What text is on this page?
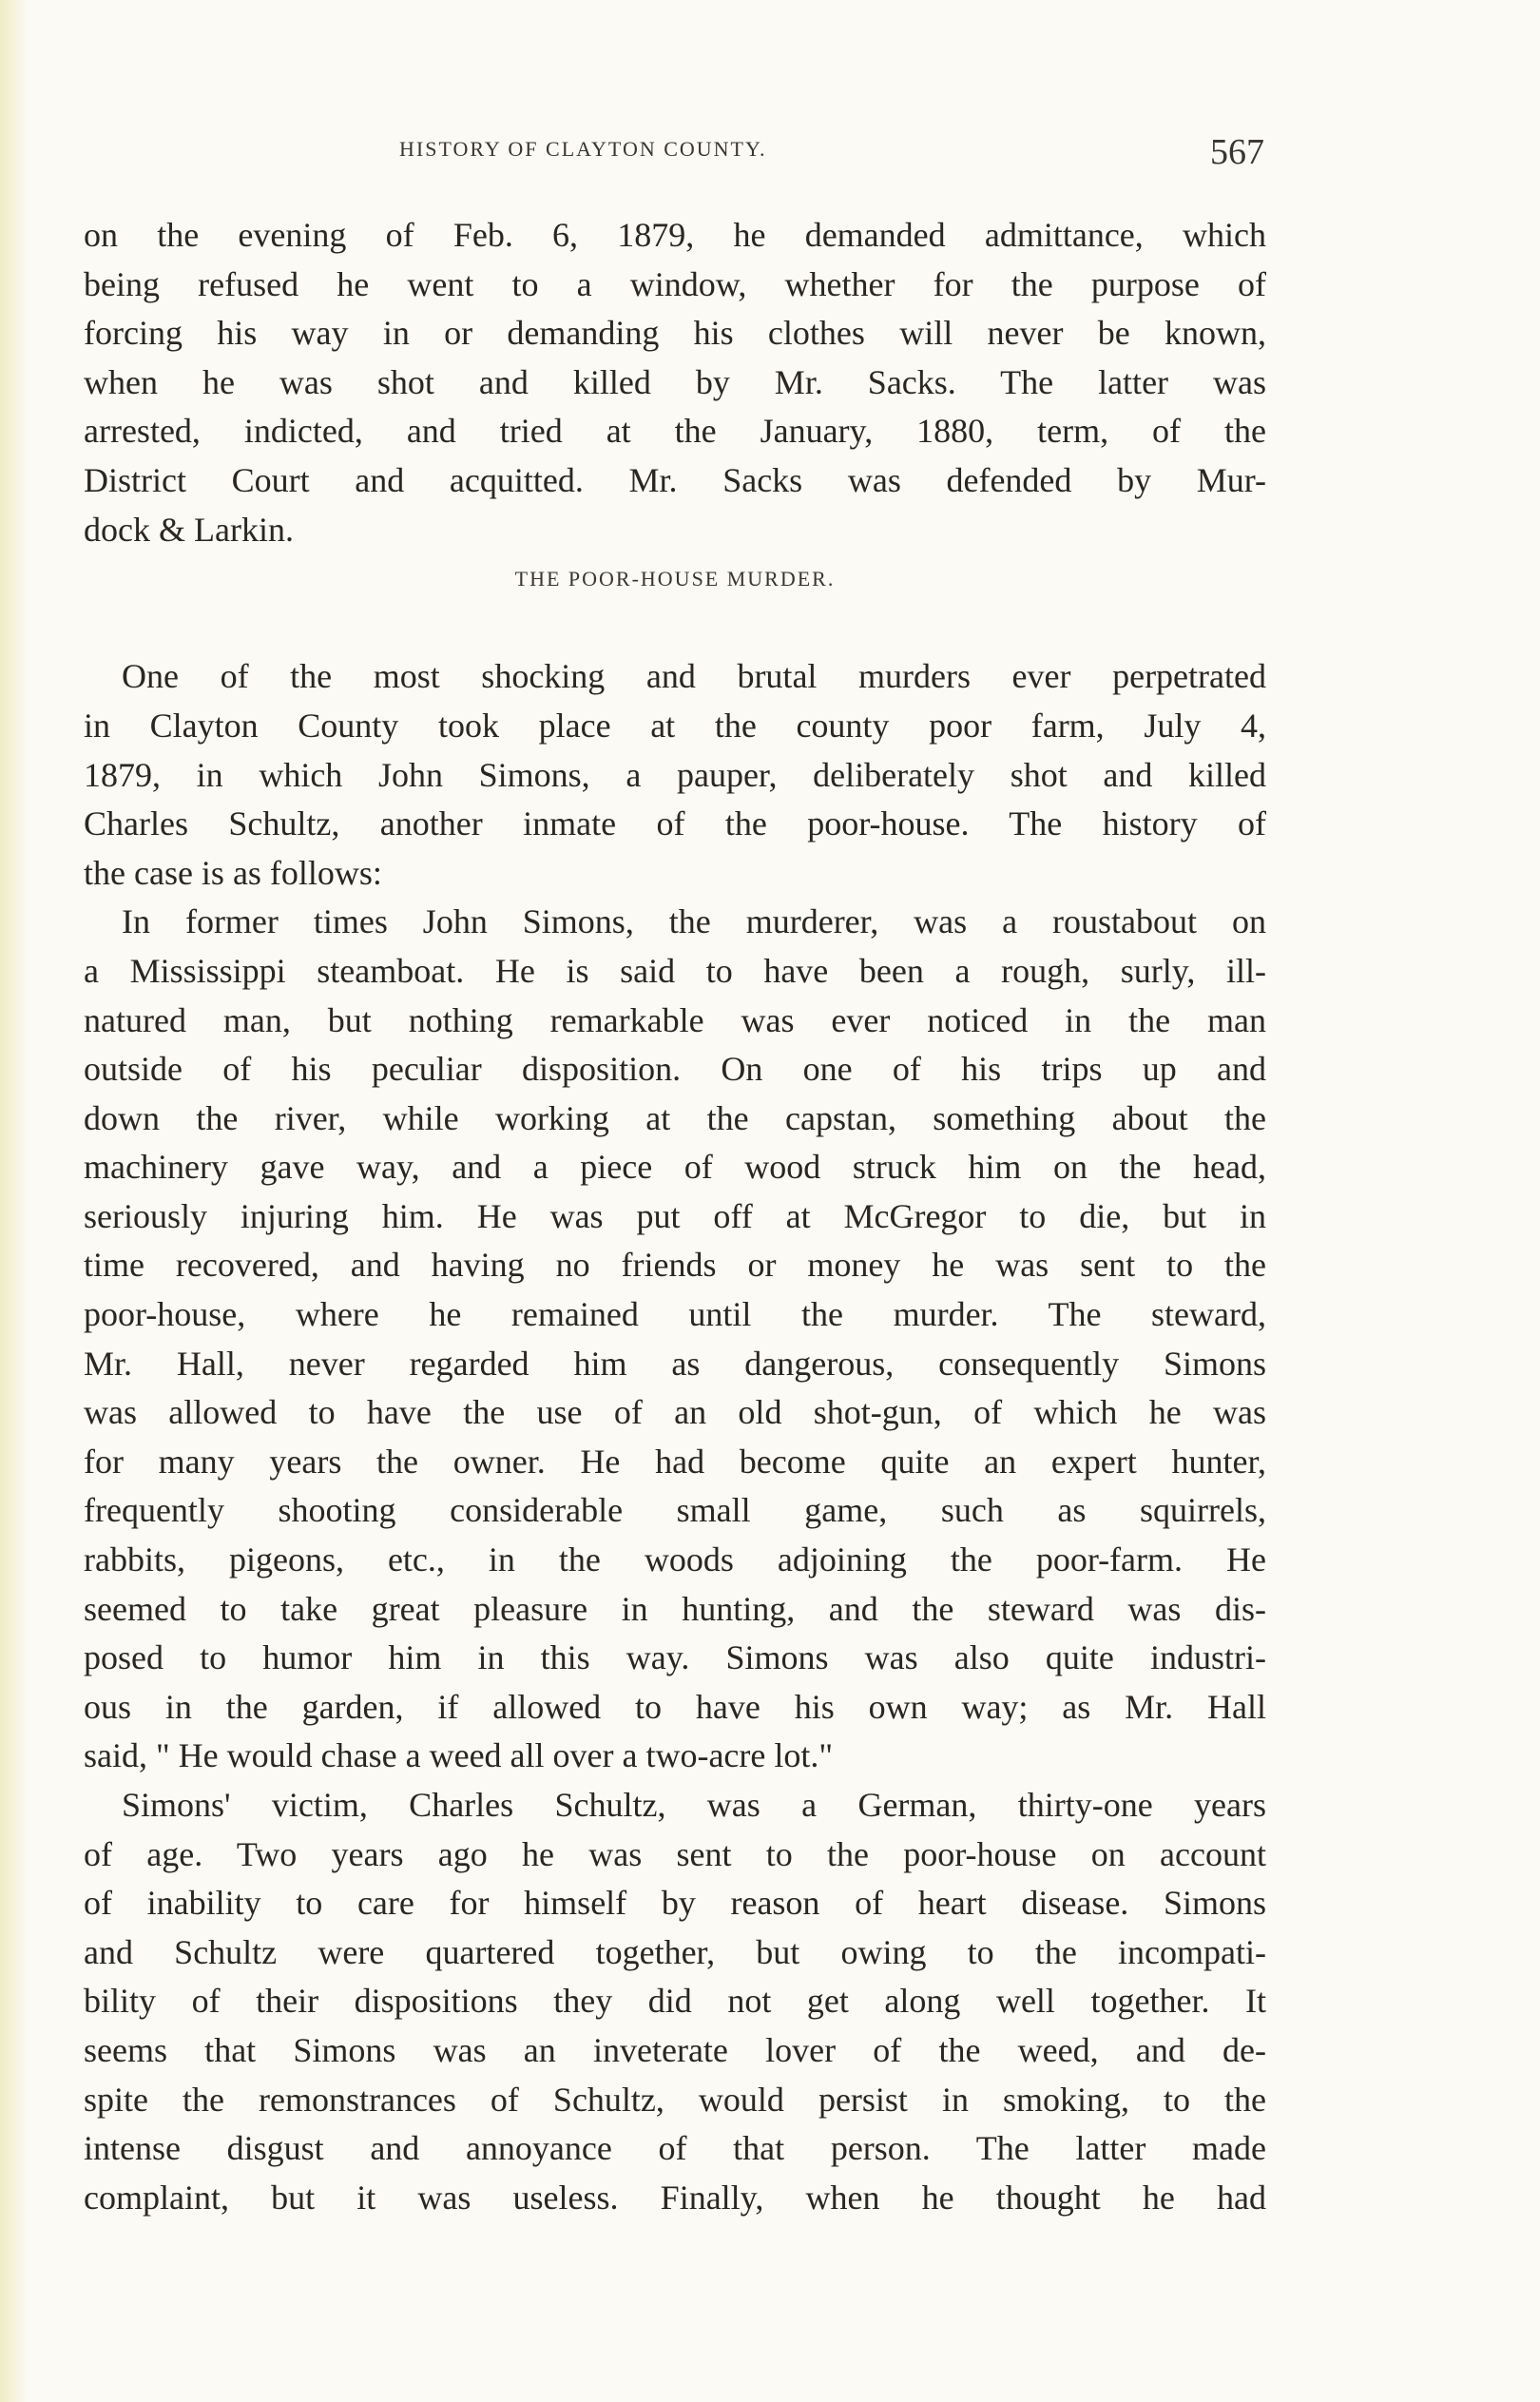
HISTORY OF CLAYTON COUNTY.	567
on the evening of Feb. 6, 1879, he demanded admittance, which
being refused he went to a window, whether for the purpose of
forcing his way in or demanding his clothes will never be known,
when he was shot and killed by Mr. Sacks. The latter was
arrested, indicted, and tried at the January, 1880, term, of the
District Court and acquitted. Mr. Sacks was defended by Mur-
dock & Larkin.
THE POOR-HOUSE MURDER.
One of the most shocking and brutal murders ever perpetrated
in Clayton County took place at the county poor farm, July 4,
1879, in which John Simons, a pauper, deliberately shot and killed
Charles Schultz, another inmate of the poor-house. The history of
the case is as follows:
In former times John Simons, the murderer, was a roustabout on
a Mississippi steamboat. He is said to have been a rough, surly, ill-
natured man, but nothing remarkable was ever noticed in the man
outside of his peculiar disposition. On one of his trips up and
down the river, while working at the capstan, something about the
machinery gave way, and a piece of wood struck him on the head,
seriously injuring him. He was put off at McGregor to die, but in
time recovered, and having no friends or money he was sent to the
poor-house, where he remained until the murder. The steward,
Mr. Hall, never regarded him as dangerous, consequently Simons
was allowed to have the use of an old shot-gun, of which he was
for many years the owner. He had become quite an expert hunter,
frequently shooting considerable small game, such as squirrels,
rabbits, pigeons, etc., in the woods adjoining the poor-farm. He
seemed to take great pleasure in hunting, and the steward was dis-
posed to humor him in this way. Simons was also quite industri-
ous in the garden, if allowed to have his own way; as Mr. Hall
said, " He would chase a weed all over a two-acre lot."
Simons' victim, Charles Schultz, was a German, thirty-one years
of age. Two years ago he was sent to the poor-house on account
of inability to care for himself by reason of heart disease. Simons
and Schultz were quartered together, but owing to the incompati-
bility of their dispositions they did not get along well together. It
seems that Simons was an inveterate lover of the weed, and de-
spite the remonstrances of Schultz, would persist in smoking, to the
intense disgust and annoyance of that person. The latter made
complaint, but it was useless. Finally, when he thought he had
